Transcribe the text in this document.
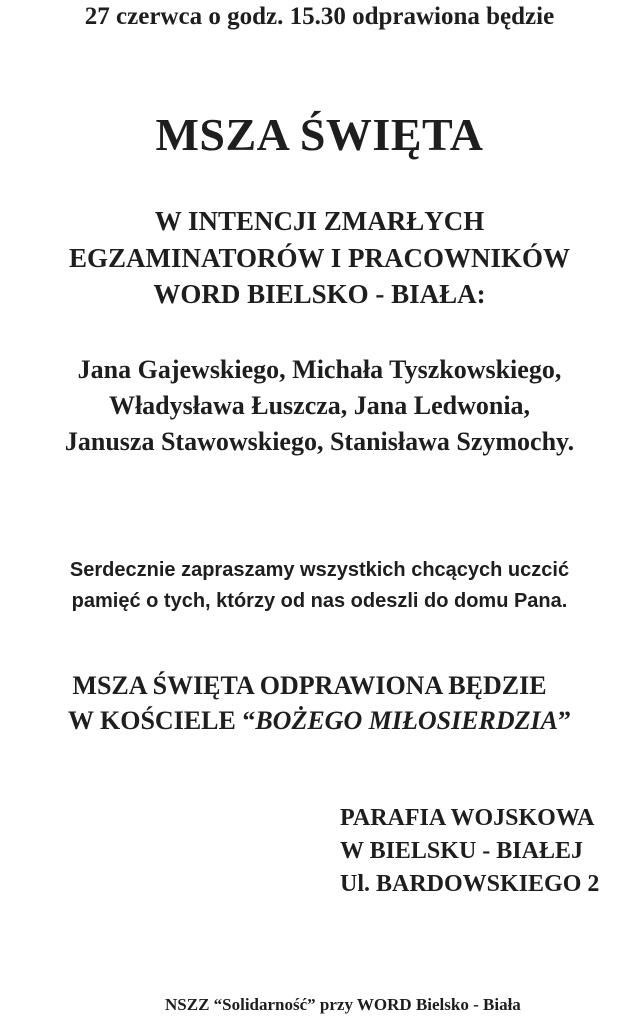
27 czerwca o godz. 15.30 odprawiona będzie

MSZA ŚWIĘTA

W INTENCJI ZMARŁYCH

EGZAMINATORÓW I PRACOWNIKÓW

WORD BIELSKO - BIAŁA:

Jana Gajewskiego, Michała Tyszkowskiego,

Władysława Łuszcza, Jana Ledwonia,

Janusza Stawowskiego, Stanisława Szymochy.

Serdecznie zapraszamy wszystkich chcących uczcić

pamięć o tych, którzy od nas odeszli do domu Pana.

MSZA ŚWIĘTA ODPRAWIONA BĘDZIE

W KOŚCIELE “BOŻEGO MIŁOSIERDZIA”

PARAFIA WOJSKOWA

W BIELSKU - BIAŁEJ

Ul. BARDOWSKIEGO 2

NSZZ “Solidarność” przy WORD Bielsko - Biała
